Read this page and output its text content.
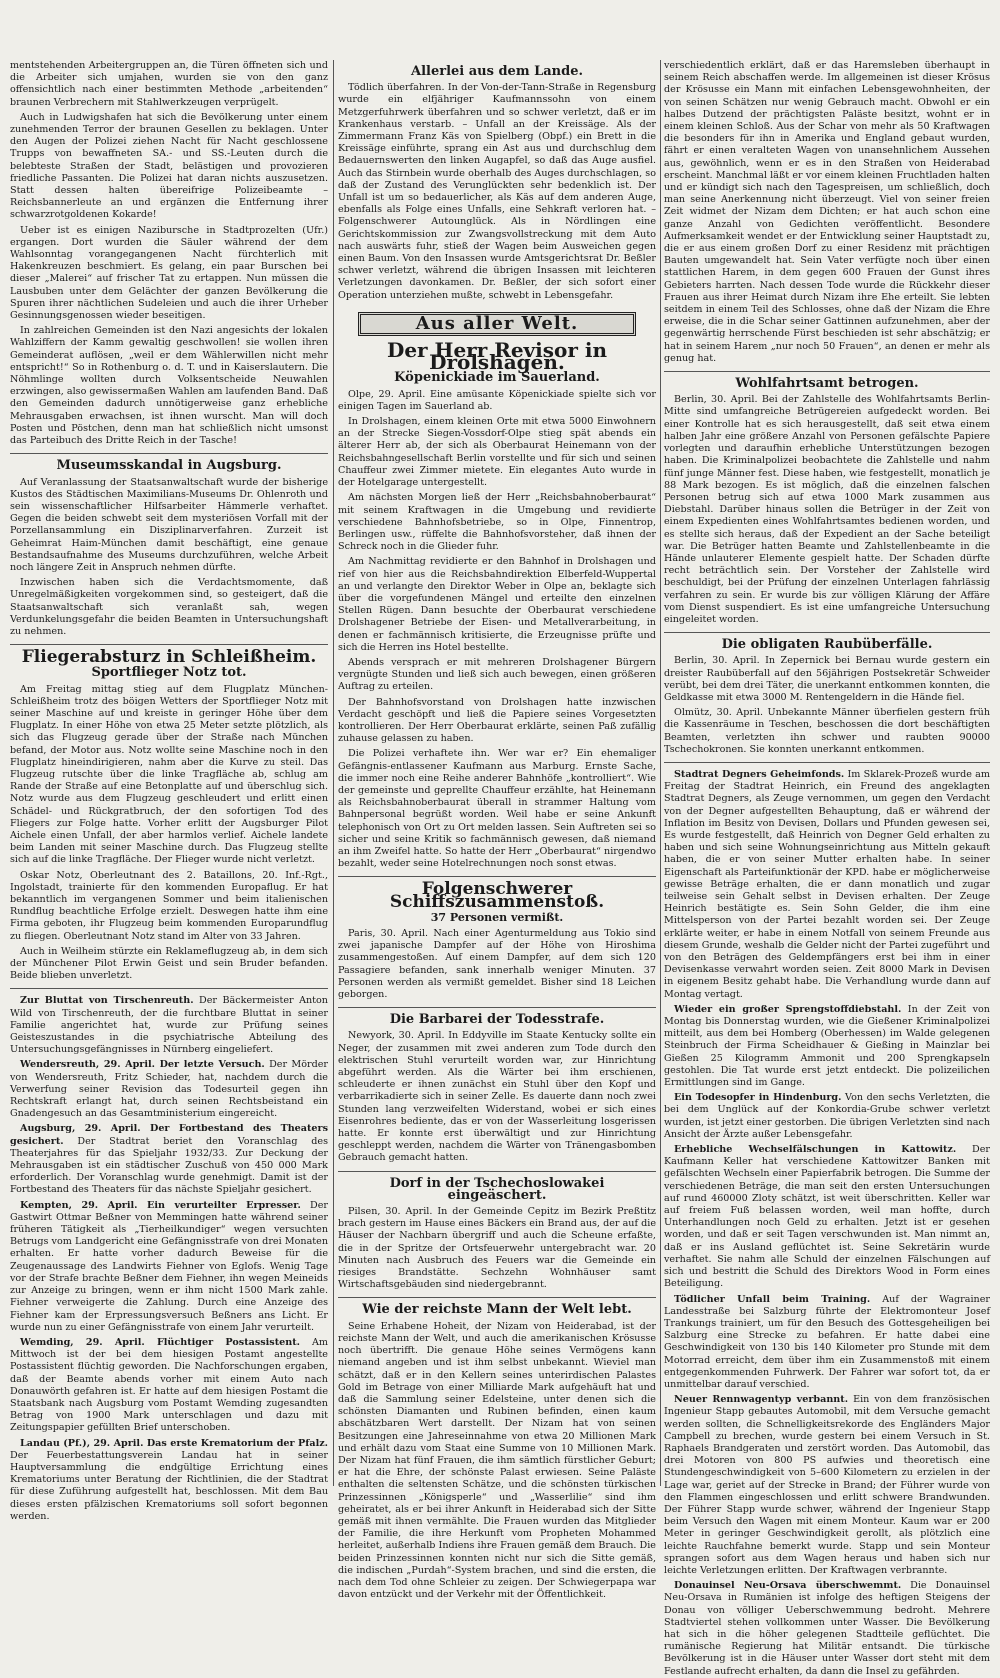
mentstehenden Arbeitergruppen an, die Türen öffneten sich und die Arbeiter sich umjahen, wurden sie von den ganz offensichtlich nach einer bestimmten Methode „arbeitenden“ braunen Verbrechern mit Stahlwerkzeugen verprügelt.

Auch in Ludwigshafen hat sich die Bevölkerung unter einem zunehmenden Terror der braunen Gesellen zu beklagen. Unter den Augen der Polizei ziehen Nacht für Nacht geschlossene Trupps von bewaffneten SA.- und SS.-Leuten durch die belebteste Straßen der Stadt, belästigen und provozieren friedliche Passanten. Die Polizei hat daran nichts auszusetzen. Statt dessen halten übereifrige Polizeibeamte – Reichsbannerleute an und ergänzen die Entfernung ihrer schwarzrotgoldenen Kokarde!

Ueber ist es einigen Nazibursche in Stadtprozelten (Ufr.) ergangen. Dort wurden die Säuler während der dem Wahlsonntag vorangegangenen Nacht fürchterlich mit Hakenkreuzen beschmiert. Es gelang, ein paar Burschen bei dieser „Malerei“ auf frischer Tat zu ertappen. Nun müssen die Lausbuben unter dem Gelächter der ganzen Bevölkerung die Spuren ihrer nächtlichen Sudeleien und auch die ihrer Urheber Gesinnungsgenossen wieder beseitigen.

In zahlreichen Gemeinden ist den Nazi angesichts der lokalen Wahlziffern der Kamm gewaltig geschwollen! sie wollen ihren Gemeinderat auflösen, „weil er dem Wählerwillen nicht mehr entspricht!“ So in Rothenburg o. d. T. und in Kaiserslautern. Die Nöhmlinge wollten durch Volksentscheide Neuwahlen erzwingen, also gewissermaßen Wahlen am laufenden Band. Daß den Gemeinden dadurch unnötigerweise ganz erhebliche Mehrausgaben erwachsen, ist ihnen wurscht. Man will doch Posten und Pöstchen, denn man hat schließlich nicht umsonst das Parteibuch des Dritte Reich in der Tasche!

Museumsskandal in Augsburg.

Auf Veranlassung der Staatsanwaltschaft wurde der bisherige Kustos des Städtischen Maximilians-Museums Dr. Ohlenroth und sein wissenschaftlicher Hilfsarbeiter Hämmerle verhaftet. Gegen die beiden schwebt seit dem mysteriösen Vorfall mit der Porzellansammlung ein Disziplinarverfahren. Zurzeit ist Geheimrat Haim-München damit beschäftigt, eine genaue Bestandsaufnahme des Museums durchzuführen, welche Arbeit noch längere Zeit in Anspruch nehmen dürfte.

Inzwischen haben sich die Verdachtsmomente, daß Unregelmäßigkeiten vorgekommen sind, so gesteigert, daß die Staatsanwaltschaft sich veranlaßt sah, wegen Verdunkelungsgefahr die beiden Beamten in Untersuchungshaft zu nehmen.

Fliegerabsturz in Schleißheim.
Sportflieger Notz tot.

Am Freitag mittag stieg auf dem Flugplatz München-Schleißheim trotz des böigen Wetters der Sportflieger Notz mit seiner Maschine auf und kreiste in geringer Höhe über dem Flugplatz. In einer Höhe von etwa 25 Meter setzte plötzlich, als sich das Flugzeug gerade über der Straße nach München befand, der Motor aus. Notz wollte seine Maschine noch in den Flugplatz hineindirigieren, nahm aber die Kurve zu steil. Das Flugzeug rutschte über die linke Tragfläche ab, schlug am Rande der Straße auf eine Betonplatte auf und überschlug sich. Notz wurde aus dem Flugzeug geschleudert und erlitt einen Schädel- und Rückgratbruch, der den sofortigen Tod des Fliegers zur Folge hatte. Vorher erlitt der Augsburger Pilot Aichele einen Unfall, der aber harmlos verlief. Aichele landete beim Landen mit seiner Maschine durch. Das Flugzeug stellte sich auf die linke Tragfläche. Der Flieger wurde nicht verletzt.

Oskar Notz, Oberleutnant des 2. Bataillons, 20. Inf.-Rgt., Ingolstadt, trainierte für den kommenden Europaflug. Er hat bekanntlich im vergangenen Sommer und beim italienischen Rundflug beachtliche Erfolge erzielt. Deswegen hatte ihm eine Firma geboten, ihr Flugzeug beim kommenden Europarundflug zu fliegen. Oberleutnant Notz stand im Alter von 33 Jahren.

Auch in Weilheim stürzte ein Reklameflugzeug ab, in dem sich der Münchener Pilot Erwin Geist und sein Bruder befanden. Beide blieben unverletzt.

Zur Bluttat von Tirschenreuth. Der Bäckermeister Anton Wild von Tirschenreuth, der die furchtbare Bluttat in seiner Familie angerichtet hat, wurde zur Prüfung seines Geisteszustandes in die psychiatrische Abteilung des Untersuchungsgefängnisses in Nürnberg eingeliefert.

Wendersreuth, 29. April. Der letzte Versuch. Der Mörder von Wendersreuth, Fritz Schieder, hat, nachdem durch die Verwerfung seiner Revision das Todesurteil gegen ihn Rechtskraft erlangt hat, durch seinen Rechtsbeistand ein Gnadengesuch an das Gesamtministerium eingereicht.

Augsburg, 29. April. Der Fortbestand des Theaters gesichert. Der Stadtrat beriet den Voranschlag des Theaterjahres für das Spieljahr 1932/33. Zur Deckung der Mehrausgaben ist ein städtischer Zuschuß von 450 000 Mark erforderlich. Der Voranschlag wurde genehmigt. Damit ist der Fortbestand des Theaters für das nächste Spieljahr gesichert.

Kempten, 29. April. Ein verurteilter Erpresser. Der Gastwirt Ottmar Beßner von Memmingen hatte während seiner früheren Tätigkeit als „Tierheilkundiger“ wegen versuchten Betrugs vom Landgericht eine Gefängnisstrafe von drei Monaten erhalten. Er hatte vorher dadurch Beweise für die Zeugenaussage des Landwirts Fiehner von Eglofs. Wenig Tage vor der Strafe brachte Beßner dem Fiehner, ihn wegen Meineids zur Anzeige zu bringen, wenn er ihm nicht 1500 Mark zahle. Fiehner verweigerte die Zahlung. Durch eine Anzeige des Fiehner kam der Erpressungsversuch Beßners ans Licht. Er wurde nun zu einer Gefängnisstrafe von einem Jahr verurteilt.

Wemding, 29. April. Flüchtiger Postassistent. Am Mittwoch ist der bei dem hiesigen Postamt angestellte Postassistent flüchtig geworden. Die Nachforschungen ergaben, daß der Beamte abends vorher mit einem Auto nach Donauwörth gefahren ist. Er hatte auf dem hiesigen Postamt die Staatsbank nach Augsburg vom Postamt Wemding zugesandten Betrag von 1900 Mark unterschlagen und dazu mit Zeitungspapier gefüllten Brief unterschoben.

Landau (Pf.), 29. April. Das erste Krematorium der Pfalz. Der Feuerbestattungsverein Landau hat in seiner Hauptversammlung die endgültige Errichtung eines Krematoriums unter Beratung der Richtlinien, die der Stadtrat für diese Zuführung aufgestellt hat, beschlossen. Mit dem Bau dieses ersten pfälzischen Krematoriums soll sofort begonnen werden.

Allerlei aus dem Lande.

Tödlich überfahren. In der Von-der-Tann-Straße in Regensburg wurde ein elfjähriger Kaufmannssohn von einem Metzgerfuhrwerk überfahren und so schwer verletzt, daß er im Krankenhaus verstarb. – Unfall an der Kreissäge. Als der Zimmermann Franz Käs von Spielberg (Obpf.) ein Brett in die Kreissäge einführte, sprang ein Ast aus und durchschlug dem Bedauernswerten den linken Augapfel, so daß das Auge ausfiel. Auch das Stirnbein wurde oberhalb des Auges durchschlagen, so daß der Zustand des Verunglückten sehr bedenklich ist. Der Unfall ist um so bedauerlicher, als Käs auf dem anderen Auge, ebenfalls als Folge eines Unfalls, eine Sehkraft verloren hat. – Folgenschwerer Autounglück. Als in Nördlingen eine Gerichtskommission zur Zwangsvollstreckung mit dem Auto nach auswärts fuhr, stieß der Wagen beim Ausweichen gegen einen Baum. Von den Insassen wurde Amtsgerichtsrat Dr. Beßler schwer verletzt, während die übrigen Insassen mit leichteren Verletzungen davonkamen. Dr. Beßler, der sich sofort einer Operation unterziehen mußte, schwebt in Lebensgefahr.

Aus aller Welt.
Der Herr Revisor in Drolshagen.
Köpenickiade im Sauerland.

Olpe, 29. April. Eine amüsante Köpenickiade spielte sich vor einigen Tagen im Sauerland ab.

In Drolshagen, einem kleinen Orte mit etwa 5000 Einwohnern an der Strecke Siegen-Vossdorf-Olpe stieg spät abends ein älterer Herr ab, der sich als Oberbaurat Heinemann von der Reichsbahngesellschaft Berlin vorstellte und für sich und seinen Chauffeur zwei Zimmer mietete. Ein elegantes Auto wurde in der Hotelgarage untergestellt.

Am nächsten Morgen ließ der Herr „Reichsbahnoberbaurat“ mit seinem Kraftwagen in die Umgebung und revidierte verschiedene Bahnhofsbetriebe, so in Olpe, Finnentrop, Berlingen usw., rüffelte die Bahnhofsvorsteher, daß ihnen der Schreck noch in die Glieder fuhr.

Am Nachmittag revidierte er den Bahnhof in Drolshagen und rief von hier aus die Reichsbahndirektion Elberfeld-Wuppertal an und verlangte den Direktor Weber in Olpe an, beklagte sich über die vorgefundenen Mängel und erteilte den einzelnen Stellen Rügen. Dann besuchte der Oberbaurat verschiedene Drolshagener Betriebe der Eisen- und Metallverarbeitung, in denen er fachmännisch kritisierte, die Erzeugnisse prüfte und sich die Herren ins Hotel bestellte.

Abends versprach er mit mehreren Drolshagener Bürgern vergnügte Stunden und ließ sich auch bewegen, einen größeren Auftrag zu erteilen.

Der Bahnhofsvorstand von Drolshagen hatte inzwischen Verdacht geschöpft und ließ die Papiere seines Vorgesetzten kontrollieren. Der Herr Oberbaurat erklärte, seinen Paß zufällig zuhause gelassen zu haben.

Die Polizei verhaftete ihn. Wer war er? Ein ehemaliger Gefängnis-entlassener Kaufmann aus Marburg. Ernste Sache, die immer noch eine Reihe anderer Bahnhöfe „kontrolliert“. Wie der gemeinste und geprellte Chauffeur erzählte, hat Heinemann als Reichsbahnoberbaurat überall in strammer Haltung vom Bahnpersonal begrüßt worden. Weil habe er seine Ankunft telephonisch von Ort zu Ort melden lassen. Sein Auftreten sei so sicher und seine Kritik so fachmännisch gewesen, daß niemand an ihm Zweifel hatte. So hatte der Herr „Oberbaurat“ nirgendwo bezahlt, weder seine Hotelrechnungen noch sonst etwas.

Folgenschwerer Schiffszusammenstoß.
37 Personen vermißt.

Paris, 30. April. Nach einer Agenturmeldung aus Tokio sind zwei japanische Dampfer auf der Höhe von Hiroshima zusammengestoßen. Auf einem Dampfer, auf dem sich 120 Passagiere befanden, sank innerhalb weniger Minuten. 37 Personen werden als vermißt gemeldet. Bisher sind 18 Leichen geborgen.

Die Barbarei der Todesstrafe.

Newyork, 30. April. In Eddyville im Staate Kentucky sollte ein Neger, der zusammen mit zwei anderen zum Tode durch den elektrischen Stuhl verurteilt worden war, zur Hinrichtung abgeführt werden. Als die Wärter bei ihm erschienen, schleuderte er ihnen zunächst ein Stuhl über den Kopf und verbarrikadierte sich in seiner Zelle. Es dauerte dann noch zwei Stunden lang verzweifelten Widerstand, wobei er sich eines Eisenrohres bediente, das er von der Wasserleitung losgerissen hatte. Er konnte erst überwältigt und zur Hinrichtung geschleppt werden, nachdem die Wärter von Tränengasbomben Gebrauch gemacht hatten.

Dorf in der Tschechoslowakei eingeäschert.

Pilsen, 30. April. In der Gemeinde Cepitz im Bezirk Preßtitz brach gestern im Hause eines Bäckers ein Brand aus, der auf die Häuser der Nachbarn übergriff und auch die Scheune erfaßte, die in der Spritze der Ortsfeuerwehr untergebracht war. 20 Minuten nach Ausbruch des Feuers war die Gemeinde ein riesiges Brandstätte. Sechzehn Wohnhäuser samt Wirtschaftsgebäuden sind niedergebrannt.

Wie der reichste Mann der Welt lebt.

Seine Erhabene Hoheit, der Nizam von Heiderabad, ist der reichste Mann der Welt, und auch die amerikanischen Krösusse noch übertrifft. Die genaue Höhe seines Vermögens kann niemand angeben und ist ihm selbst unbekannt. Wieviel man schätzt, daß er in den Kellern seines unterirdischen Palastes Gold im Betrage von einer Milliarde Mark aufgehäuft hat und daß die Sammlung seiner Edelsteine, unter denen sich die schönsten Diamanten und Rubinen befinden, einen kaum abschätzbaren Wert darstellt. Der Nizam hat von seinen Besitzungen eine Jahreseinnahme von etwa 20 Millionen Mark und erhält dazu vom Staat eine Summe von 10 Millionen Mark. Der Nizam hat fünf Frauen, die ihm sämtlich fürstlicher Geburt; er hat die Ehre, der schönste Palast erwiesen. Seine Paläste enthalten die seltensten Schätze, und die schönsten türkischen Prinzessinnen „Königsperle“ und „Wasserlilie“ sind ihm geheiratet, als er bei ihrer Ankunft in Heiderabad sich der Sitte gemäß mit ihnen vermählte. Die Frauen wurden das Mitglieder der Familie, die ihre Herkunft vom Propheten Mohammed herleitet, außerhalb Indiens ihre Frauen gemäß dem Brauch. Die beiden Prinzessinnen konnten nicht nur sich die Sitte gemäß, die indischen „Purdah“-System brachen, und sind die ersten, die nach dem Tod ohne Schleier zu zeigen. Der Schwiegerpapa war davon entzückt und der Verkehr mit der Öffentlichkeit.

verschiedentlich erklärt, daß er das Haremsleben überhaupt in seinem Reich abschaffen werde. Im allgemeinen ist dieser Krösus der Krösusse ein Mann mit einfachen Lebensgewohnheiten, der von seinen Schätzen nur wenig Gebrauch macht. Obwohl er ein halbes Dutzend der prächtigsten Paläste besitzt, wohnt er in einem kleinen Schloß. Aus der Schar von mehr als 50 Kraftwagen die besonders für ihn in Amerika und England gebaut wurden, fährt er einen veralteten Wagen von unansehnlichem Aussehen aus, gewöhnlich, wenn er es in den Straßen von Heiderabad erscheint. Manchmal läßt er vor einem kleinen Fruchtladen halten und er kündigt sich nach den Tagespreisen, um schließlich, doch man seine Anerkennung nicht überzeugt. Viel von seiner freien Zeit widmet der Nizam dem Dichten; er hat auch schon eine ganze Anzahl von Gedichten veröffentlicht. Besondere Aufmerksamkeit wendet er der Entwicklung seiner Hauptstadt zu, die er aus einem großen Dorf zu einer Residenz mit prächtigen Bauten umgewandelt hat. Sein Vater verfügte noch über einen stattlichen Harem, in dem gegen 600 Frauen der Gunst ihres Gebieters harrten. Nach dessen Tode wurde die Rückkehr dieser Frauen aus ihrer Heimat durch Nizam ihre Ehe erteilt. Sie lebten seitdem in einem Teil des Schlosses, ohne daß der Nizam die Ehre erweise, die in die Schar seiner Gattinnen aufzunehmen, aber der gegenwärtig herrschende Fürst beschieden ist sehr abschätzig; er hat in seinem Harem „nur noch 50 Frauen“, an denen er mehr als genug hat.

Wohlfahrtsamt betrogen.

Berlin, 30. April. Bei der Zahlstelle des Wohlfahrtsamts Berlin-Mitte sind umfangreiche Betrügereien aufgedeckt worden. Bei einer Kontrolle hat es sich herausgestellt, daß seit etwa einem halben Jahr eine größere Anzahl von Personen gefälschte Papiere vorlegten und daraufhin erhebliche Unterstützungen bezogen haben. Die Kriminalpolizei beobachtete die Zahlstelle und nahm fünf junge Männer fest. Diese haben, wie festgestellt, monatlich je 88 Mark bezogen. Es ist möglich, daß die einzelnen falschen Personen betrug sich auf etwa 1000 Mark zusammen aus Diebstahl. Darüber hinaus sollen die Betrüger in der Zeit von einem Expedienten eines Wohlfahrtsamtes bedienen worden, und es stellte sich heraus, daß der Expedient an der Sache beteiligt war. Die Betrüger hatten Beamte und Zahlstellenbeamte in die Hände unlauterer Elemente gespielt hatte. Der Schaden dürfte recht beträchtlich sein. Der Vorsteher der Zahlstelle wird beschuldigt, bei der Prüfung der einzelnen Unterlagen fahrlässig verfahren zu sein. Er wurde bis zur völligen Klärung der Affäre vom Dienst suspendiert. Es ist eine umfangreiche Untersuchung eingeleitet worden.

Die obligaten Raubüberfälle.

Berlin, 30. April. In Zepernick bei Bernau wurde gestern ein dreister Raubüberfall auf den 56jährigen Postsekretär Schweider verübt, bei dem drei Täter, die unerkannt entkommen konnten, die Geldkasse mit etwa 3000 M. Rentengeldern in die Hände fiel.

Olmütz, 30. April. Unbekannte Männer überfielen gestern früh die Kassenräume in Teschen, beschossen die dort beschäftigten Beamten, verletzten ihn schwer und raubten 90000 Tschechokronen. Sie konnten unerkannt entkommen.

Stadtrat Degners Geheimfonds. Im Sklarek-Prozeß wurde am Freitag der Stadtrat Heinrich, ein Freund des angeklagten Stadtrat Degners, als Zeuge vernommen, um gegen den Verdacht von der Degner aufgestellten Behauptung, daß er während der Inflation im Besitz von Devisen, Dollars und Pfunden gewesen sei, Es wurde festgestellt, daß Heinrich von Degner Geld erhalten zu haben und sich seine Wohnungseinrichtung aus Mitteln gekauft haben, die er von seiner Mutter erhalten habe. In seiner Eigenschaft als Parteifunktionär der KPD. habe er möglicherweise gewisse Beträge erhalten, die er dann monatlich und zugar teilweise sein Gehalt selbst in Devisen erhalten. Der Zeuge Heinrich bestätigte es. Sein Sohn Gelder, die ihm eine Mittelsperson von der Partei bezahlt worden sei. Der Zeuge erklärte weiter, er habe in einem Notfall von seinem Freunde aus diesem Grunde, weshalb die Gelder nicht der Partei zugeführt und von den Beträgen des Geldempfängers erst bei ihm in einer Devisenkasse verwahrt worden seien. Zeit 8000 Mark in Devisen in eigenem Besitz gehabt habe. Die Verhandlung wurde dann auf Montag vertagt.

Wieder ein großer Sprengstoffdiebstahl. In der Zeit von Montag bis Donnerstag wurden, wie die Gießener Kriminalpolizei mitteilt, aus dem bei Homberg (Oberhessen) im Walde gelegenen Steinbruch der Firma Scheidhauer & Gießing in Mainzlar bei Gießen 25 Kilogramm Ammonit und 200 Sprengkapseln gestohlen. Die Tat wurde erst jetzt entdeckt. Die polizeilichen Ermittlungen sind im Gange.

Ein Todesopfer in Hindenburg. Von den sechs Verletzten, die bei dem Unglück auf der Konkordia-Grube schwer verletzt wurden, ist jetzt einer gestorben. Die übrigen Verletzten sind nach Ansicht der Ärzte außer Lebensgefahr.

Erhebliche Wechselfälschungen in Kattowitz. Der Kaufmann Keller hat verschiedene Kattowitzer Banken mit gefälschten Wechseln einer Papierfabrik betrogen. Die Summe der verschiedenen Beträge, die man seit den ersten Untersuchungen auf rund 460000 Zloty schätzt, ist weit überschritten. Keller war auf freiem Fuß belassen worden, weil man hoffte, durch Unterhandlungen noch Geld zu erhalten. Jetzt ist er gesehen worden, und daß er seit Tagen verschwunden ist. Man nimmt an, daß er ins Ausland geflüchtet ist. Seine Sekretärin wurde verhaftet. Sie nahm alle Schuld der einzelnen Fälschungen auf sich und bestritt die Schuld des Direktors Wood in Form eines Beteiligung.

Tödlicher Unfall beim Training. Auf der Wagrainer Landesstraße bei Salzburg führte der Elektromonteur Josef Trankungs trainiert, um für den Besuch des Gottesgeheiligen bei Salzburg eine Strecke zu befahren. Er hatte dabei eine Geschwindigkeit von 130 bis 140 Kilometer pro Stunde mit dem Motorrad erreicht, dem über ihm ein Zusammenstoß mit einem entgegenkommenden Fuhrwerk. Der Fahrer war sofort tot, da er unmittelbar darauf verschied.

Neuer Rennwagentyp verbannt. Ein von dem französischen Ingenieur Stapp gebautes Automobil, mit dem Versuche gemacht werden sollten, die Schnelligkeitsrekorde des Engländers Major Campbell zu brechen, wurde gestern bei einem Versuch in St. Raphaels Brandgeraten und zerstört worden. Das Automobil, das drei Motoren von 800 PS aufwies und theoretisch eine Stundengeschwindigkeit von 5–600 Kilometern zu erzielen in der Lage war, geriet auf der Strecke in Brand; der Führer wurde von den Flammen eingeschlossen und erlitt schwere Brandwunden. Der Führer Stapp wurde schwer, während der Ingenieur Stapp beim Versuch den Wagen mit einem Monteur. Kaum war er 200 Meter in geringer Geschwindigkeit gerollt, als plötzlich eine leichte Rauchfahne bemerkt wurde. Stapp und sein Monteur sprangen sofort aus dem Wagen heraus und haben sich nur leichte Verletzungen erlitten. Der Kraftwagen verbrannte.

Donauinsel Neu-Orsava überschwemmt. Die Donauinsel Neu-Orsava in Rumänien ist infolge des heftigen Steigens der Donau von völliger Ueberschwemmung bedroht. Mehrere Stadtviertel stehen vollkommen unter Wasser. Die Bevölkerung hat sich in die höher gelegenen Stadtteile geflüchtet. Die rumänische Regierung hat Militär entsandt. Die türkische Bevölkerung ist in die Häuser unter Wasser dort steht mit dem Festlande aufrecht erhalten, da dann die Insel zu gefährden.
